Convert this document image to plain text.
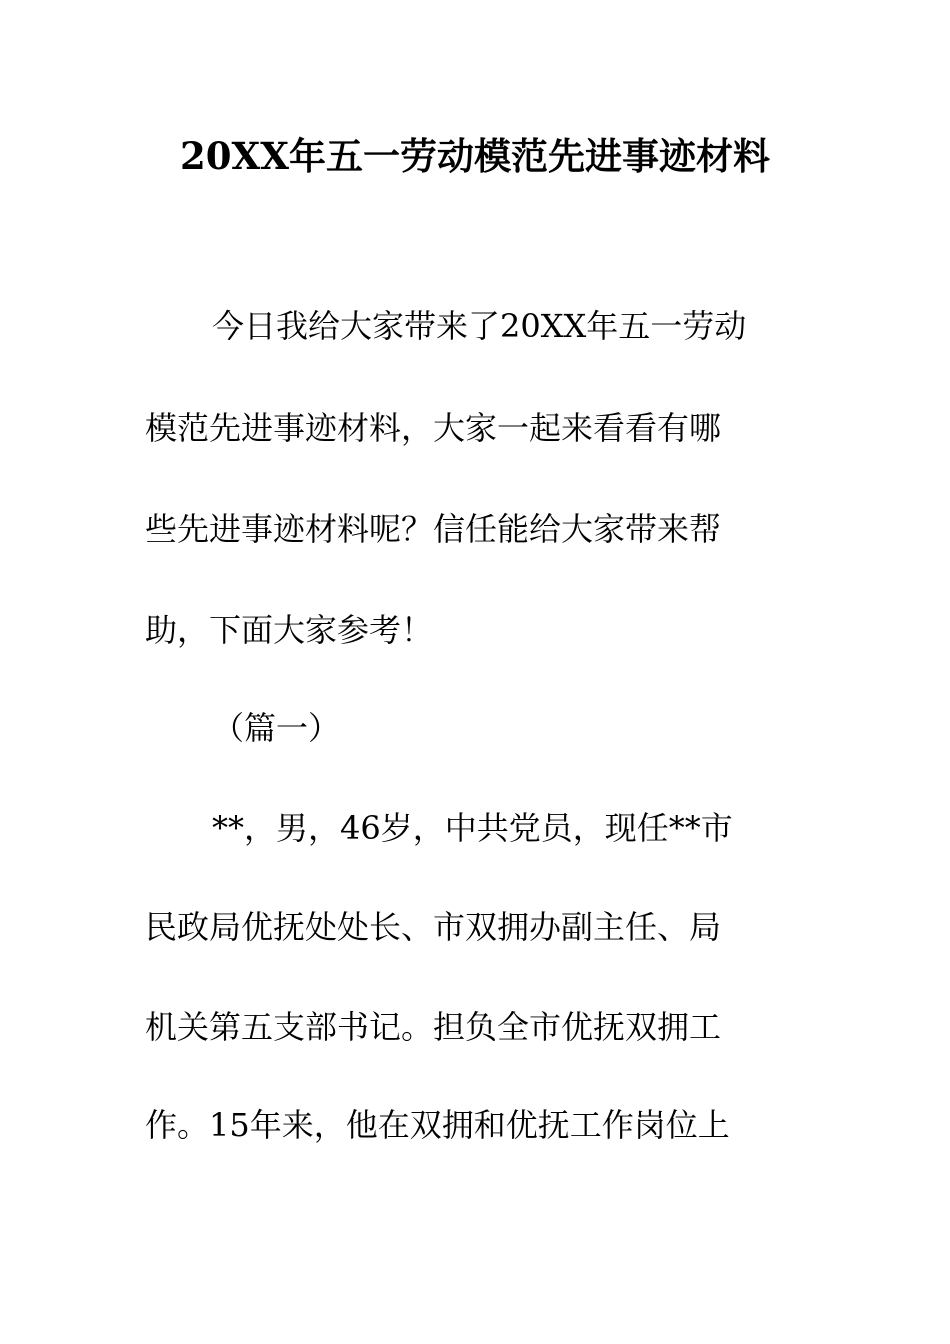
20XX年五一劳动模范先进事迹材料
今日我给大家带来了20XX年五一劳动
模范先进事迹材料，大家一起来看看有哪
些先进事迹材料呢？信任能给大家带来帮
助，下面大家参考！
（篇一）
**，男，46岁，中共党员，现任**市
民政局优抚处处长、市双拥办副主任、局
机关第五支部书记。担负全市优抚双拥工
作。15年来，他在双拥和优抚工作岗位上
